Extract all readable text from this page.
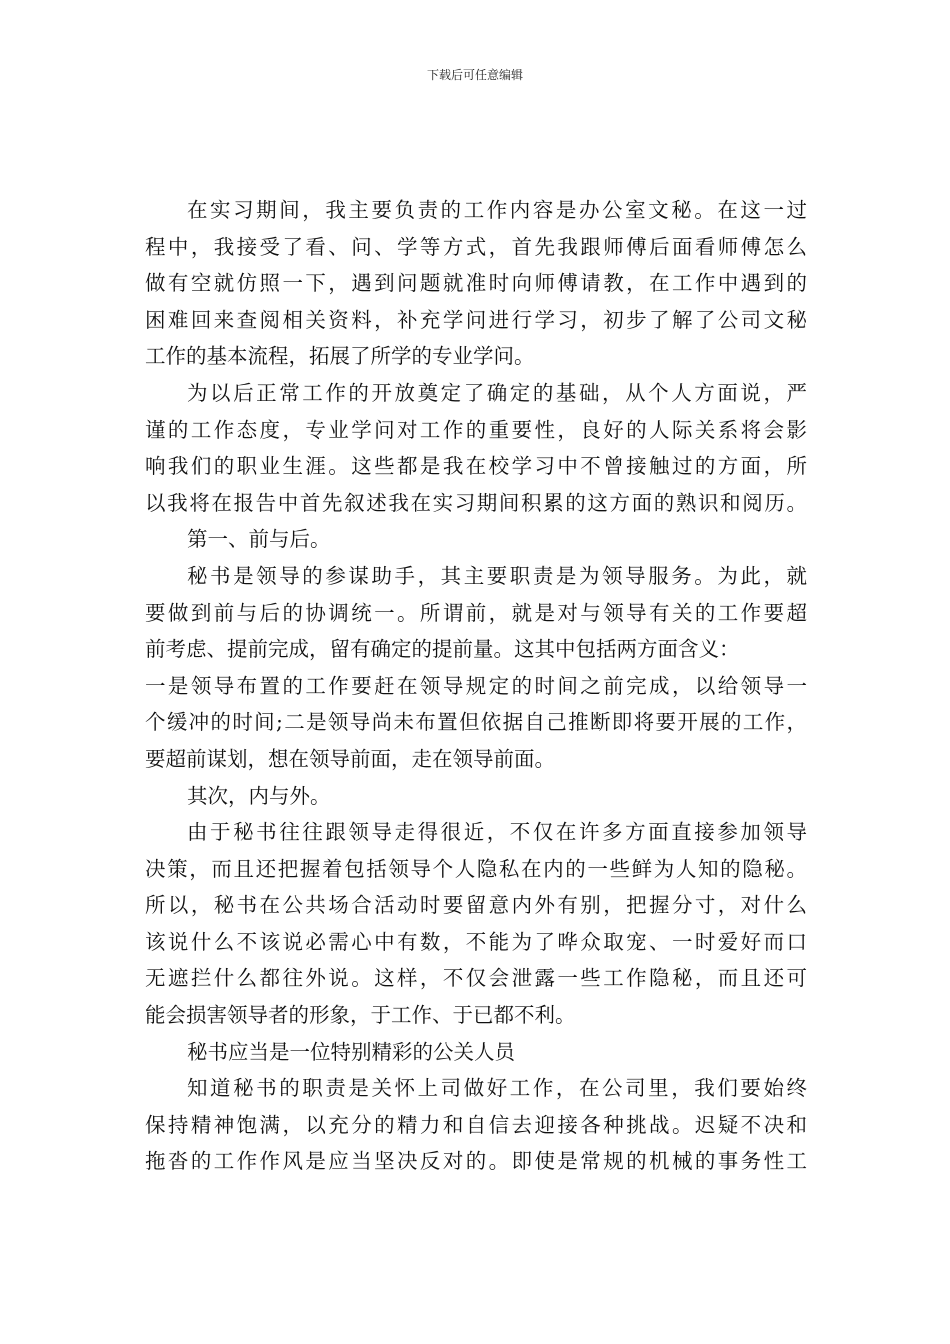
下载后可任意编辑
在实习期间，我主要负责的工作内容是办公室文秘。在这一过
程中，我接受了看、问、学等方式，首先我跟师傅后面看师傅怎么
做有空就仿照一下，遇到问题就准时向师傅请教，在工作中遇到的
困难回来查阅相关资料，补充学问进行学习，初步了解了公司文秘
工作的基本流程，拓展了所学的专业学问。
为以后正常工作的开放奠定了确定的基础，从个人方面说，严
谨的工作态度，专业学问对工作的重要性，良好的人际关系将会影
响我们的职业生涯。这些都是我在校学习中不曾接触过的方面，所
以我将在报告中首先叙述我在实习期间积累的这方面的熟识和阅历。
第一、前与后。
秘书是领导的参谋助手，其主要职责是为领导服务。为此，就
要做到前与后的协调统一。所谓前，就是对与领导有关的工作要超
前考虑、提前完成，留有确定的提前量。这其中包括两方面含义：
一是领导布置的工作要赶在领导规定的时间之前完成，以给领导一
个缓冲的时间;二是领导尚未布置但依据自己推断即将要开展的工作，
要超前谋划，想在领导前面，走在领导前面。
其次，内与外。
由于秘书往往跟领导走得很近，不仅在许多方面直接参加领导
决策，而且还把握着包括领导个人隐私在内的一些鲜为人知的隐秘。
所以，秘书在公共场合活动时要留意内外有别，把握分寸，对什么
该说什么不该说必需心中有数，不能为了哗众取宠、一时爱好而口
无遮拦什么都往外说。这样，不仅会泄露一些工作隐秘，而且还可
能会损害领导者的形象，于工作、于已都不利。
秘书应当是一位特别精彩的公关人员
知道秘书的职责是关怀上司做好工作，在公司里，我们要始终
保持精神饱满，以充分的精力和自信去迎接各种挑战。迟疑不决和
拖沓的工作作风是应当坚决反对的。即使是常规的机械的事务性工
